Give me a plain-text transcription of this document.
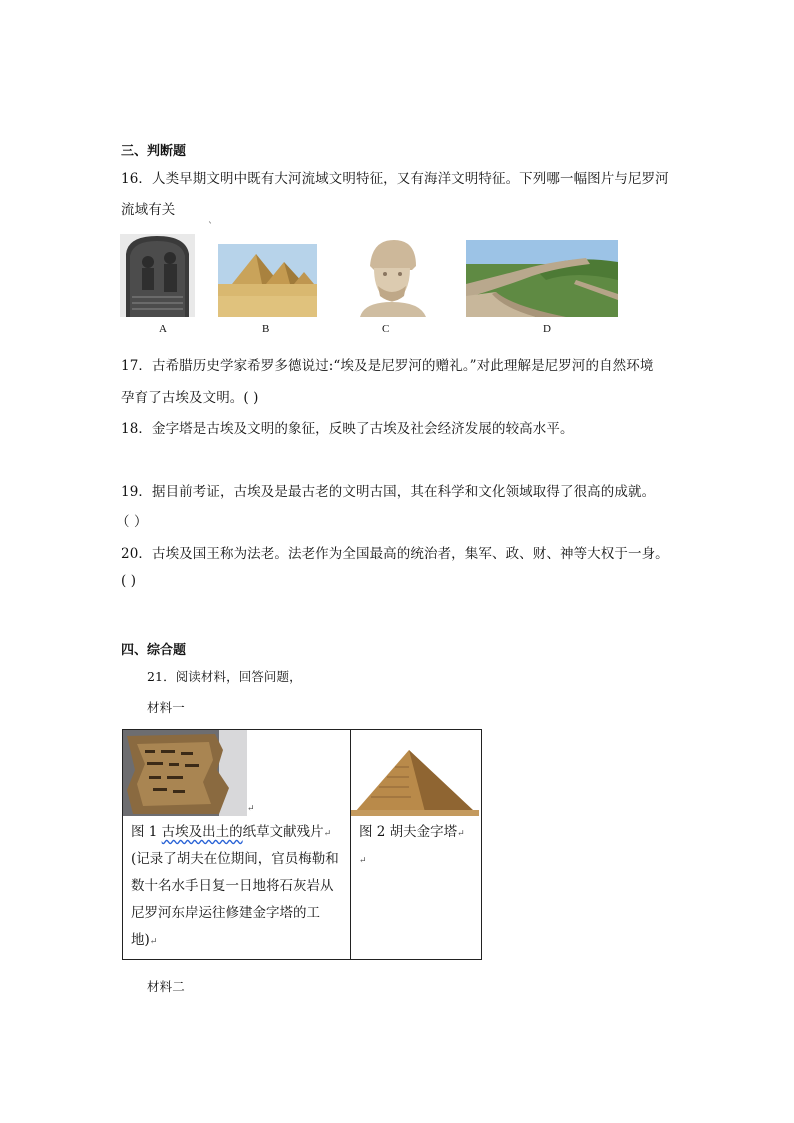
三、判断题
16．人类早期文明中既有大河流域文明特征，又有海洋文明特征。下列哪一幅图片与尼罗河
流域有关
`
A	B	C	D
17．古希腊历史学家希罗多德说过:“埃及是尼罗河的赠礼。”对此理解是尼罗河的自然环境
孕育了古埃及文明。( )
18．金字塔是古埃及文明的象征，反映了古埃及社会经济发展的较高水平。
19．据目前考证，古埃及是最古老的文明古国，其在科学和文化领域取得了很高的成就。
（ ）
20．古埃及国王称为法老。法老作为全国最高的统治者，集军、政、财、神等大权于一身。
( )
四、综合题
21．阅读材料，回答问题，
材料一
↵
图 1 古埃及出土的纸草文献残片↵
(记录了胡夫在位期间，官员梅勒和
数十名水手日复一日地将石灰岩从
尼罗河东岸运往修建金字塔的工
地)↵
图 2 胡夫金字塔↵
↵
材料二
